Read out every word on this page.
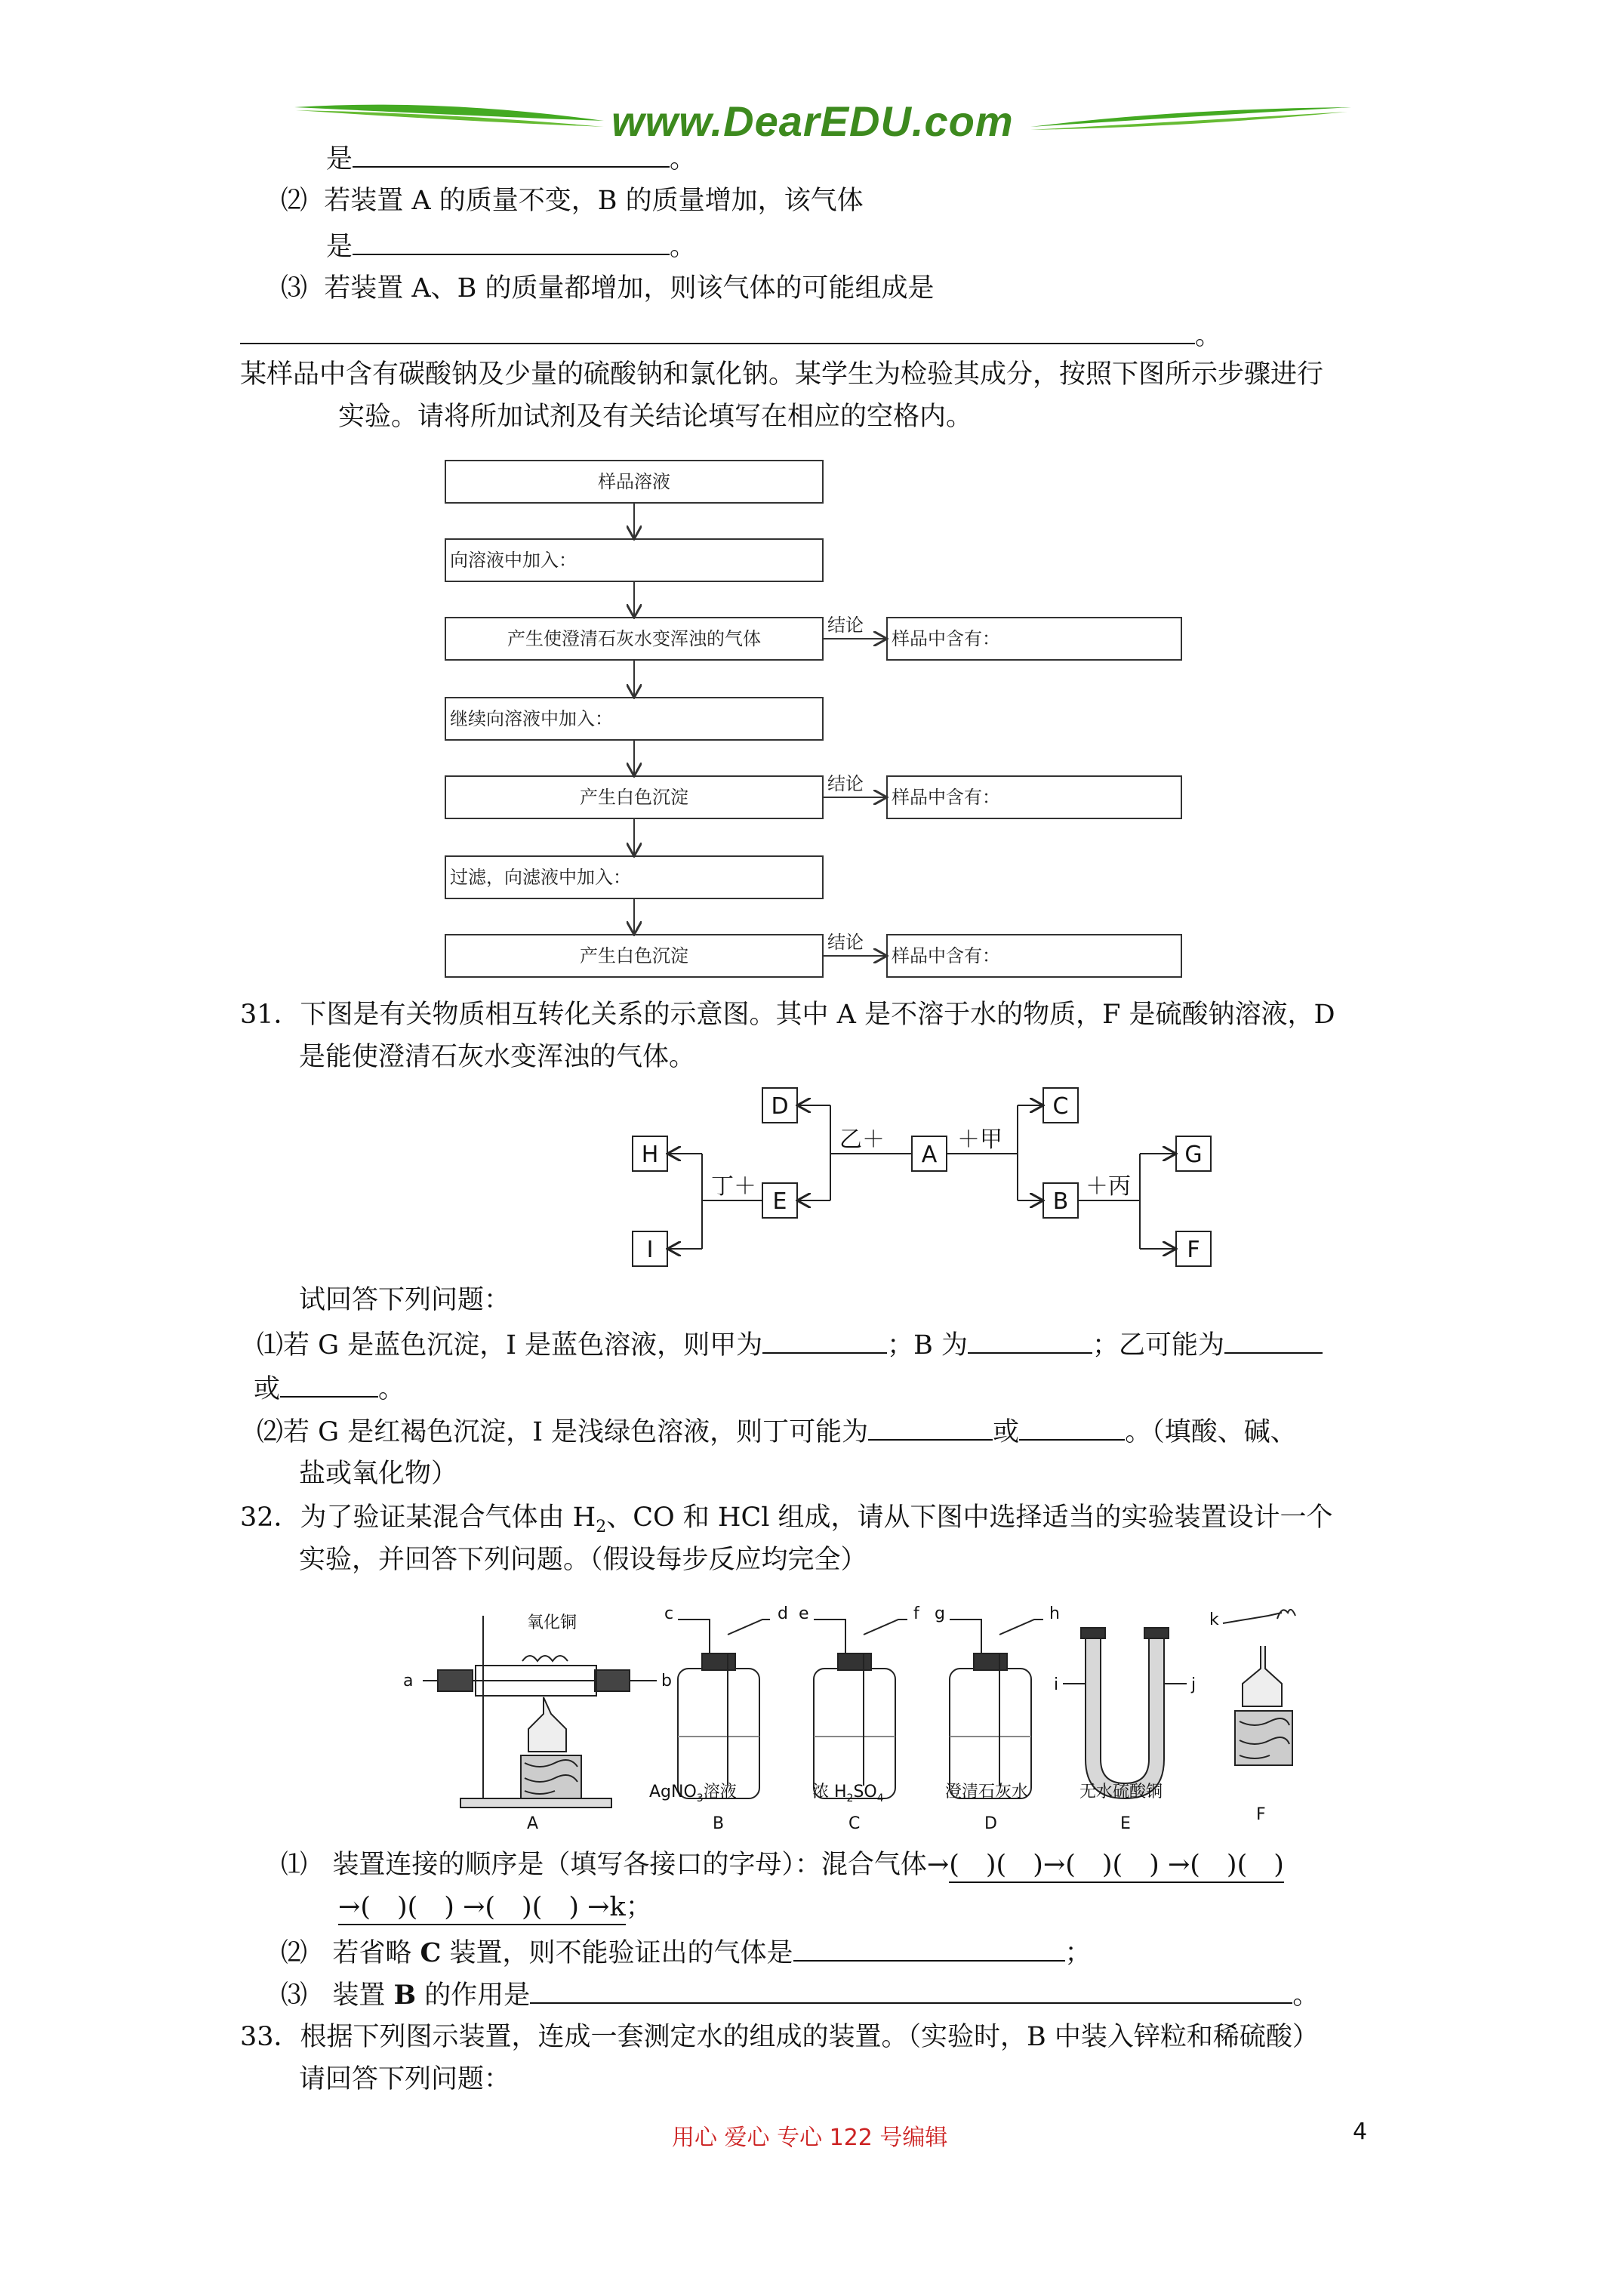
www.DearEDU.com
是	。
⑵ 若装置 A 的质量不变，B 的质量增加，该气体
是	。
⑶ 若装置 A、B 的质量都增加，则该气体的可能组成是
。
某样品中含有碳酸钠及少量的硫酸钠和氯化钠。某学生为检验其成分，按照下图所示步骤进行
实验。请将所加试剂及有关结论填写在相应的空格内。
样品溶液
向溶液中加入：
产生使澄清石灰水变浑浊的气体
继续向溶液中加入：
产生白色沉淀
过滤，向滤液中加入：
产生白色沉淀
结论
结论
结论
样品中含有：
样品中含有：
样品中含有：
31．下图是有关物质相互转化关系的示意图。其中 A 是不溶于水的物质，F 是硫酸钠溶液，D
是能使澄清石灰水变浑浊的气体。
D
H
E
I
A
C
B
G
F
乙＋	＋甲
丁＋	＋丙
试回答下列问题：
⑴若 G 是蓝色沉淀，I 是蓝色溶液，则甲为	；B 为	；乙可能为
或	。
⑵若 G 是红褐色沉淀，I 是浅绿色溶液，则丁可能为	或	。（填酸、碱、
盐或氧化物）
32．为了验证某混合气体由 $H_2$、CO 和 HCl 组成，请从下图中选择适当的实验装置设计一个
实验，并回答下列问题。（假设每步反应均完全）
氧化铜
a	b
c	d e	f g	h
i	j
k
AgNO$_3$溶液	浓 $H_2SO_4$	澄清石灰水	无水硫酸铜
A	B	C	D	E	F
⑴ 装置连接的顺序是（填写各接口的字母）：混合气体→(　)(　)→(　)(　) →(　)(　)
→(　)(　) →(　)(　) →k；
⑵ 若省略 C 装置，则不能验证出的气体是	；
⑶ 装置 B 的作用是	。
33．根据下列图示装置，连成一套测定水的组成的装置。（实验时，B 中装入锌粒和稀硫酸）
请回答下列问题：
用心 爱心 专心 122 号编辑	4
